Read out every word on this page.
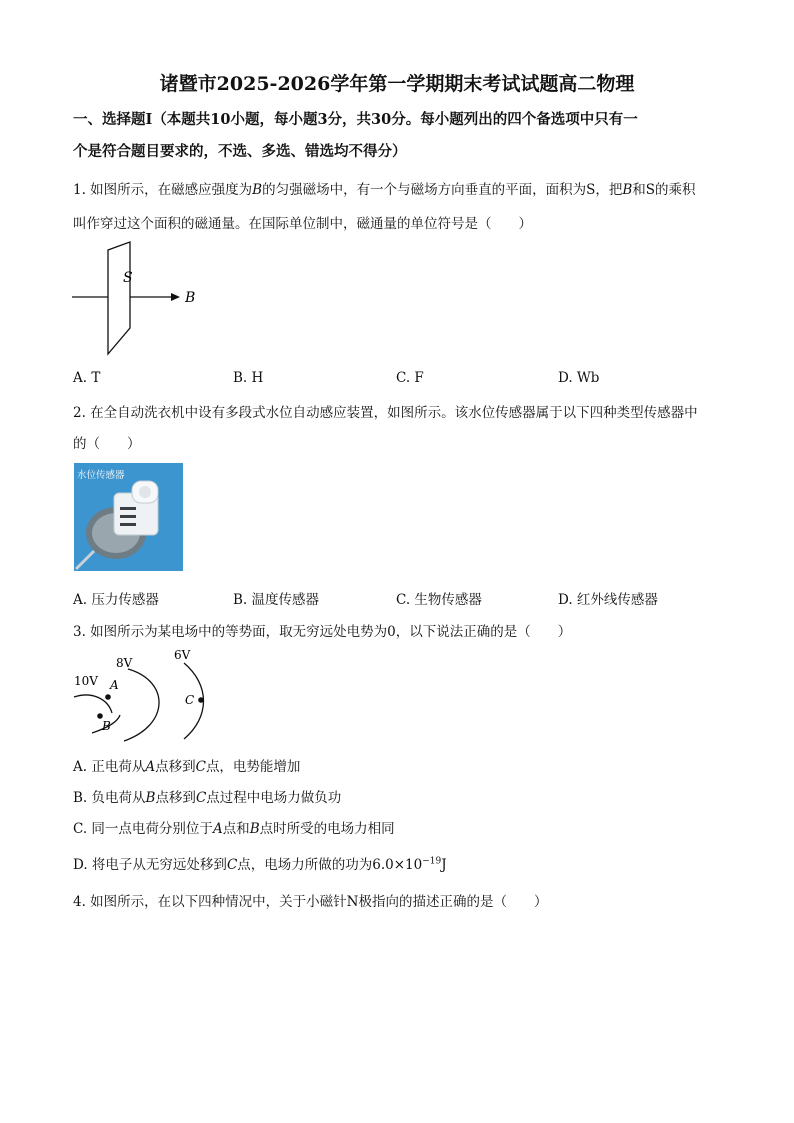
诸暨市2025-2026学年第一学期期末考试试题高二物理
一、选择题Ⅰ（本题共10小题，每小题3分，共30分。每小题列出的四个备选项中只有一
个是符合题目要求的，不选、多选、错选均不得分）
1. 如图所示，在磁感应强度为B的匀强磁场中，有一个与磁场方向垂直的平面，面积为S，把B和S的乘积
叫作穿过这个面积的磁通量。在国际单位制中，磁通量的单位符号是（　　）
S
B
A. T	B. H	C. F	D. Wb
2. 在全自动洗衣机中设有多段式水位自动感应装置，如图所示。该水位传感器属于以下四种类型传感器中
的（　　）
水位传感器
A. 压力传感器	B. 温度传感器	C. 生物传感器	D. 红外线传感器
3. 如图所示为某电场中的等势面，取无穷远处电势为0，以下说法正确的是（　　）
10V
8V
6V
A
B
C
A. 正电荷从A点移到C点，电势能增加
B. 负电荷从B点移到C点过程中电场力做负功
C. 同一点电荷分别位于A点和B点时所受的电场力相同
D. 将电子从无穷远处移到C点，电场力所做的功为$6.0\times 10^{-19}J$
4. 如图所示，在以下四种情况中，关于小磁针N极指向的描述正确的是（　　）
